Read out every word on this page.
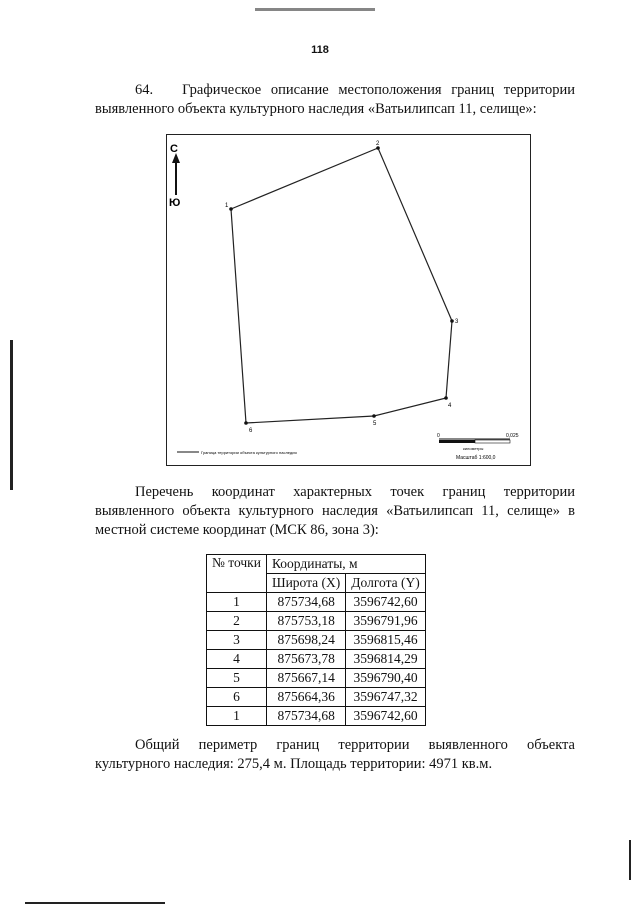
118
64.   Графическое описание местоположения границ территории выявленного объекта культурного наследия «Ватьилипсап 11, селище»:
С
Ю	1
2
3
4
5
6
0	0,025
километры
Масштаб 1:600,0
Граница территории объекта культурного наследия
Перечень координат характерных точек границ территории выявленного объекта культурного наследия «Ватьилипсап 11, селище» в местной системе координат (МСК 86, зона 3):
№ точки	Координаты, м	
	Широта (X)	Долгота (Y)
1	875734,68	3596742,60
2	875753,18	3596791,96
3	875698,24	3596815,46
4	875673,78	3596814,29
5	875667,14	3596790,40
6	875664,36	3596747,32
1	875734,68	3596742,60
Общий периметр границ территории выявленного объекта культурного наследия: 275,4 м. Площадь территории: 4971 кв.м.
